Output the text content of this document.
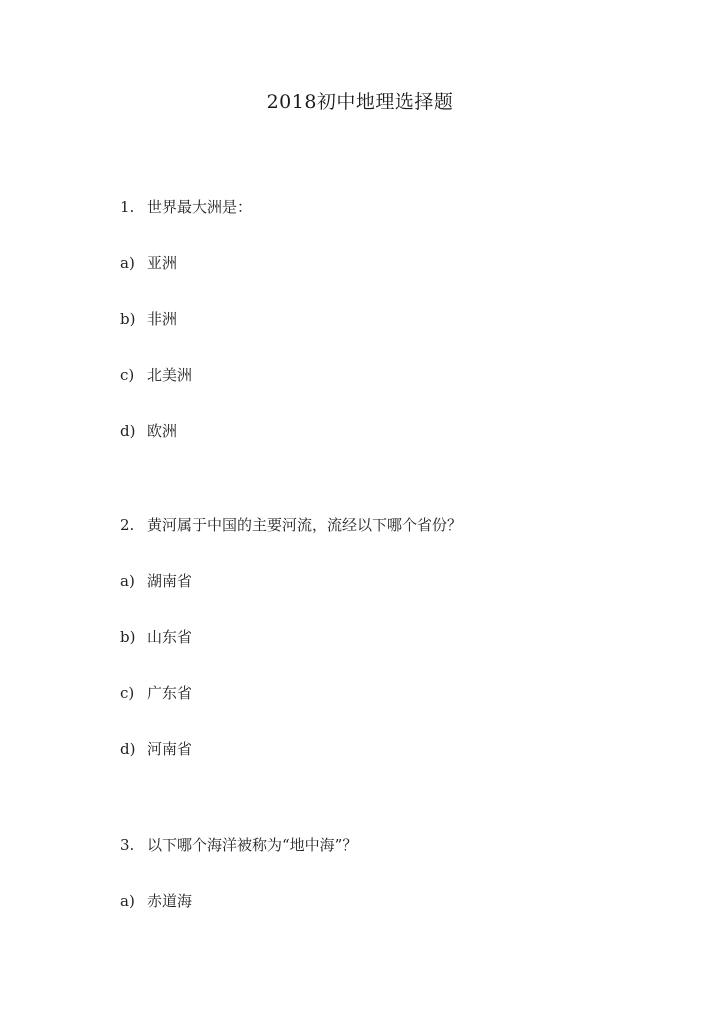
2018初中地理选择题
1. 世界最大洲是：
a) 亚洲
b) 非洲
c) 北美洲
d) 欧洲
2. 黄河属于中国的主要河流，流经以下哪个省份？
a) 湖南省
b) 山东省
c) 广东省
d) 河南省
3. 以下哪个海洋被称为“地中海”？
a) 赤道海
